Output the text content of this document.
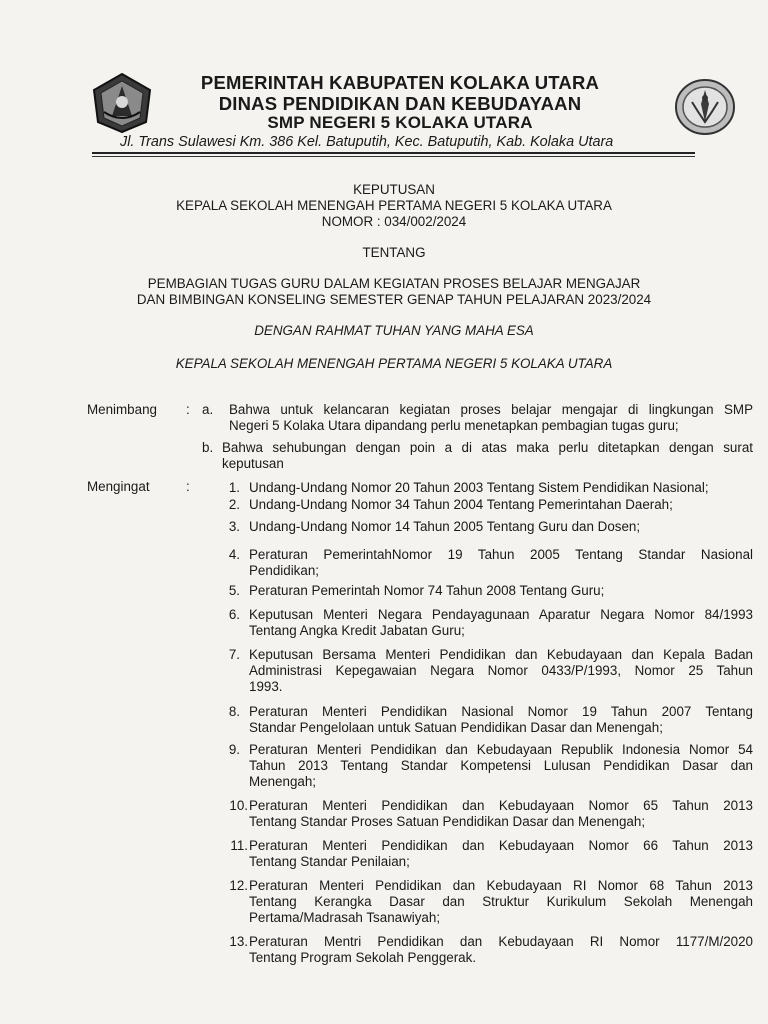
PEMERINTAH KABUPATEN KOLAKA UTARA
DINAS PENDIDIKAN DAN KEBUDAYAAN
SMP NEGERI 5 KOLAKA UTARA
Jl. Trans Sulawesi Km. 386 Kel. Batuputih, Kec. Batuputih, Kab. Kolaka Utara
KEPUTUSAN
KEPALA SEKOLAH MENENGAH PERTAMA NEGERI 5 KOLAKA UTARA
NOMOR : 034/002/2024
TENTANG
PEMBAGIAN TUGAS GURU DALAM KEGIATAN PROSES BELAJAR MENGAJAR
DAN BIMBINGAN KONSELING SEMESTER GENAP TAHUN PELAJARAN 2023/2024
DENGAN RAHMAT TUHAN YANG MAHA ESA
KEPALA SEKOLAH MENENGAH PERTAMA NEGERI 5 KOLAKA UTARA
Menimbang : a. Bahwa untuk kelancaran kegiatan proses belajar mengajar di lingkungan SMP
Negeri 5 Kolaka Utara dipandang perlu menetapkan pembagian tugas guru;
b. Bahwa sehubungan dengan poin a di atas maka perlu ditetapkan dengan surat
keputusan
Mengingat	:	1. Undang-Undang Nomor 20 Tahun 2003 Tentang Sistem Pendidikan Nasional;
2. Undang-Undang Nomor 34 Tahun 2004 Tentang Pemerintahan Daerah;
3. Undang-Undang Nomor 14 Tahun 2005 Tentang Guru dan Dosen;
4. Peraturan PemerintahNomor 19 Tahun 2005 Tentang Standar Nasional
Pendidikan;
5. Peraturan Pemerintah Nomor 74 Tahun 2008 Tentang Guru;
6. Keputusan Menteri Negara Pendayagunaan Aparatur Negara Nomor 84/1993
Tentang Angka Kredit Jabatan Guru;
7. Keputusan Bersama Menteri Pendidikan dan Kebudayaan dan Kepala Badan
Administrasi Kepegawaian Negara Nomor 0433/P/1993, Nomor 25 Tahun
1993.
8. Peraturan Menteri Pendidikan Nasional Nomor 19 Tahun 2007 Tentang
Standar Pengelolaan untuk Satuan Pendidikan Dasar dan Menengah;
9. Peraturan Menteri Pendidikan dan Kebudayaan Republik Indonesia Nomor 54
Tahun 2013 Tentang Standar Kompetensi Lulusan Pendidikan Dasar dan
Menengah;
10. Peraturan Menteri Pendidikan dan Kebudayaan Nomor 65 Tahun 2013
Tentang Standar Proses Satuan Pendidikan Dasar dan Menengah;
11. Peraturan Menteri Pendidikan dan Kebudayaan Nomor 66 Tahun 2013
Tentang Standar Penilaian;
12. Peraturan Menteri Pendidikan dan Kebudayaan RI Nomor 68 Tahun 2013
Tentang Kerangka Dasar dan Struktur Kurikulum Sekolah Menengah
Pertama/Madrasah Tsanawiyah;
13. Peraturan Mentri Pendidikan dan Kebudayaan RI Nomor 1177/M/2020
Tentang Program Sekolah Penggerak.
